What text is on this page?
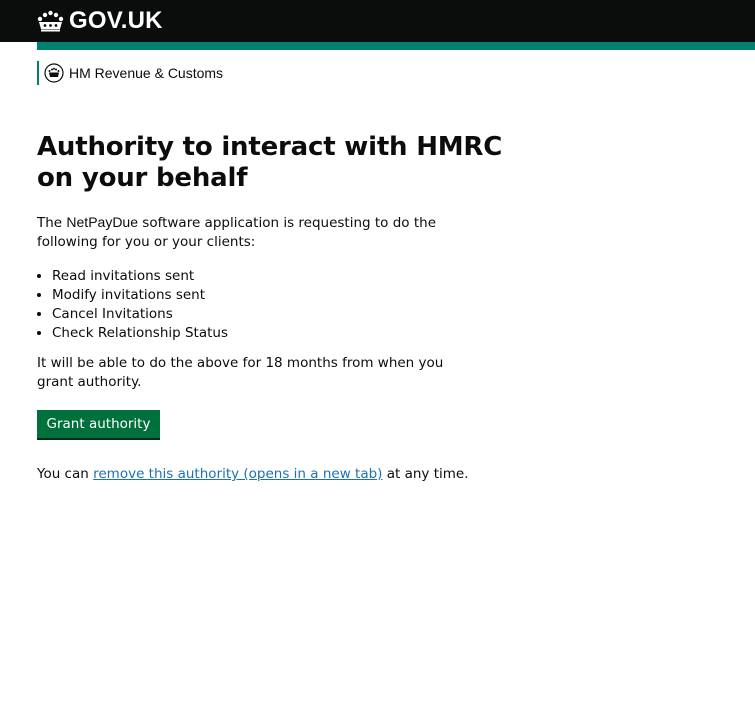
GOV.UK
HM Revenue & Customs
Authority to interact with HMRC on your behalf

The NetPayDue software application is requesting to do the following for you or your clients:

• Read invitations sent
• Modify invitations sent
• Cancel Invitations
• Check Relationship Status

It will be able to do the above for 18 months from when you grant authority.

Grant authority

You can remove this authority (opens in a new tab) at any time.
